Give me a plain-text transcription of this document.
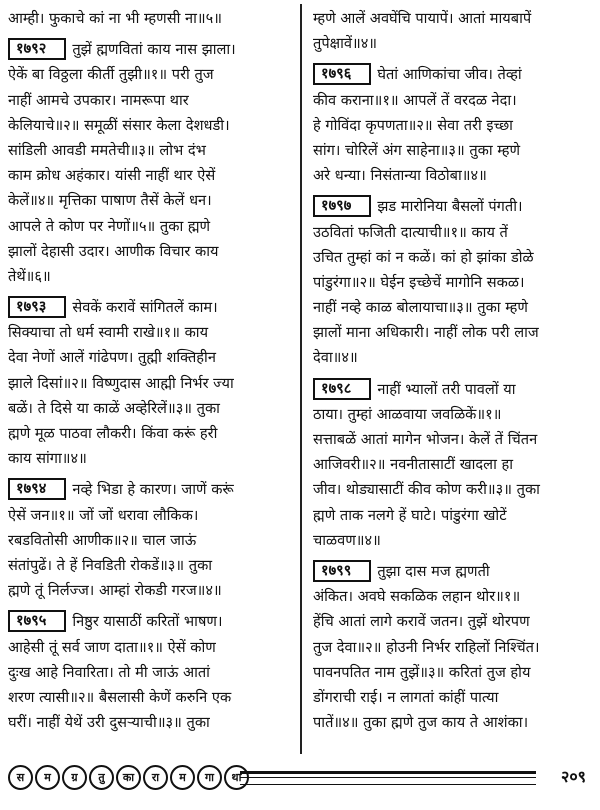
आम्ही। फुकाचे कां ना भी म्हणसी ना॥५॥
१७९२ तुझें ह्मणवितां काय नास झाला।
ऐकें बा विठ्ठला कीर्ती तुझी॥१॥ परी तुज
नाहीं आमचे उपकार। नामरूपा थार
केलियाचे॥२॥ समूळीं संसार केला देशधडी।
सांडिली आवडी ममतेची॥३॥ लोभ दंभ
काम क्रोध अहंकार। यांसी नाहीं थार ऐसें
केलें॥४॥ मृत्तिका पाषाण तैसें केलें धन।
आपले ते कोण पर नेणों॥५॥ तुका ह्मणे
झालों देहासी उदार। आणीक विचार काय
तेथें॥६॥
१७९३ सेवकें करावें सांगितलें काम।
सिक्याचा तो धर्म स्वामी राखे॥१॥ काय
देवा नेणों आलें गांढेपण। तुह्मी शक्तिहीन
झाले दिसां॥२॥ विष्णुदास आह्मी निर्भर ज्या
बळें। ते दिसे या काळें अव्हेरिलें॥३॥ तुका
ह्मणे मूळ पाठवा लौकरी। किंवा करूं हरी
काय सांगा॥४॥
१७९४ नव्हे भिडा हे कारण। जाणें करूं
ऐसें जन॥१॥ जों जों धरावा लौकिक।
रबडवितोसी आणीक॥२॥ चाल जाऊं
संतांपुढें। ते हें निवडिती रोकडें॥३॥ तुका
ह्मणे तूं निर्लज्ज। आम्हां रोकडी गरज॥४॥
१७९५ निष्ठुर यासाठीं करितों भाषण।
आहेसी तूं सर्व जाण दाता॥१॥ ऐसें कोण
दुःख आहे निवारिता। तो मी जाऊं आतां
शरण त्यासी॥२॥ बैसलासी केणें करुनि एक
घरीं। नाहीं येथें उरी दुसऱ्याची॥३॥ तुका
म्हणे आलें अवघेंचि पायापें। आतां मायबापें
तुपेक्षावें॥४॥
१७९६ घेतां आणिकांचा जीव। तेव्हां
कीव कराना॥१॥ आपलें तें वरदळ नेदा।
हे गोविंदा कृपणता॥२॥ सेवा तरी इच्छा
सांग। चोरिलें अंग साहेना॥३॥ तुका म्हणे
अरे धन्या। निसंतान्या विठोबा॥४॥
१७९७ झड मारोनिया बैसलों पंगती।
उठवितां फजिती दात्याची॥१॥ काय तें
उचित तुम्हां कां न कळें। कां हो झांका डोळे
पांडुरंगा॥२॥ घेईन इच्छेचें मागोनि सकळ।
नाहीं नव्हे काळ बोलायाचा॥३॥ तुका म्हणे
झालों माना अधिकारी। नाहीं लोक परी लाज
देवा॥४॥
१७९८ नाहीं भ्यालों तरी पावलों या
ठाया। तुम्हां आळवाया जवळिकें॥१॥
सत्ताबळें आतां मागेन भोजन। केलें तें चिंतन
आजिवरी॥२॥ नवनीतासाटीं खादला हा
जीव। थोड्यासाटीं कीव कोण करी॥३॥ तुका
ह्मणे ताक नलगे हें घाटे। पांडुरंगा खोटें
चाळवण॥४॥
१७९९ तुझा दास मज ह्मणती
अंकित। अवघे सकळिक लहान थोर॥१॥
हेंचि आतां लागे करावें जतन। तुझें थोरपण
तुज देवा॥२॥ होउनी निर्भर राहिलों निश्चिंत।
पावनपतित नाम तुझें॥३॥ करितां तुज होय
डोंगराची राई। न लागतां कांहीं पात्या
पातें॥४॥ तुका ह्मणे तुज काय ते आशंका।
स	म	ग्र	तु	का	रा	म	गा	था	२०९
